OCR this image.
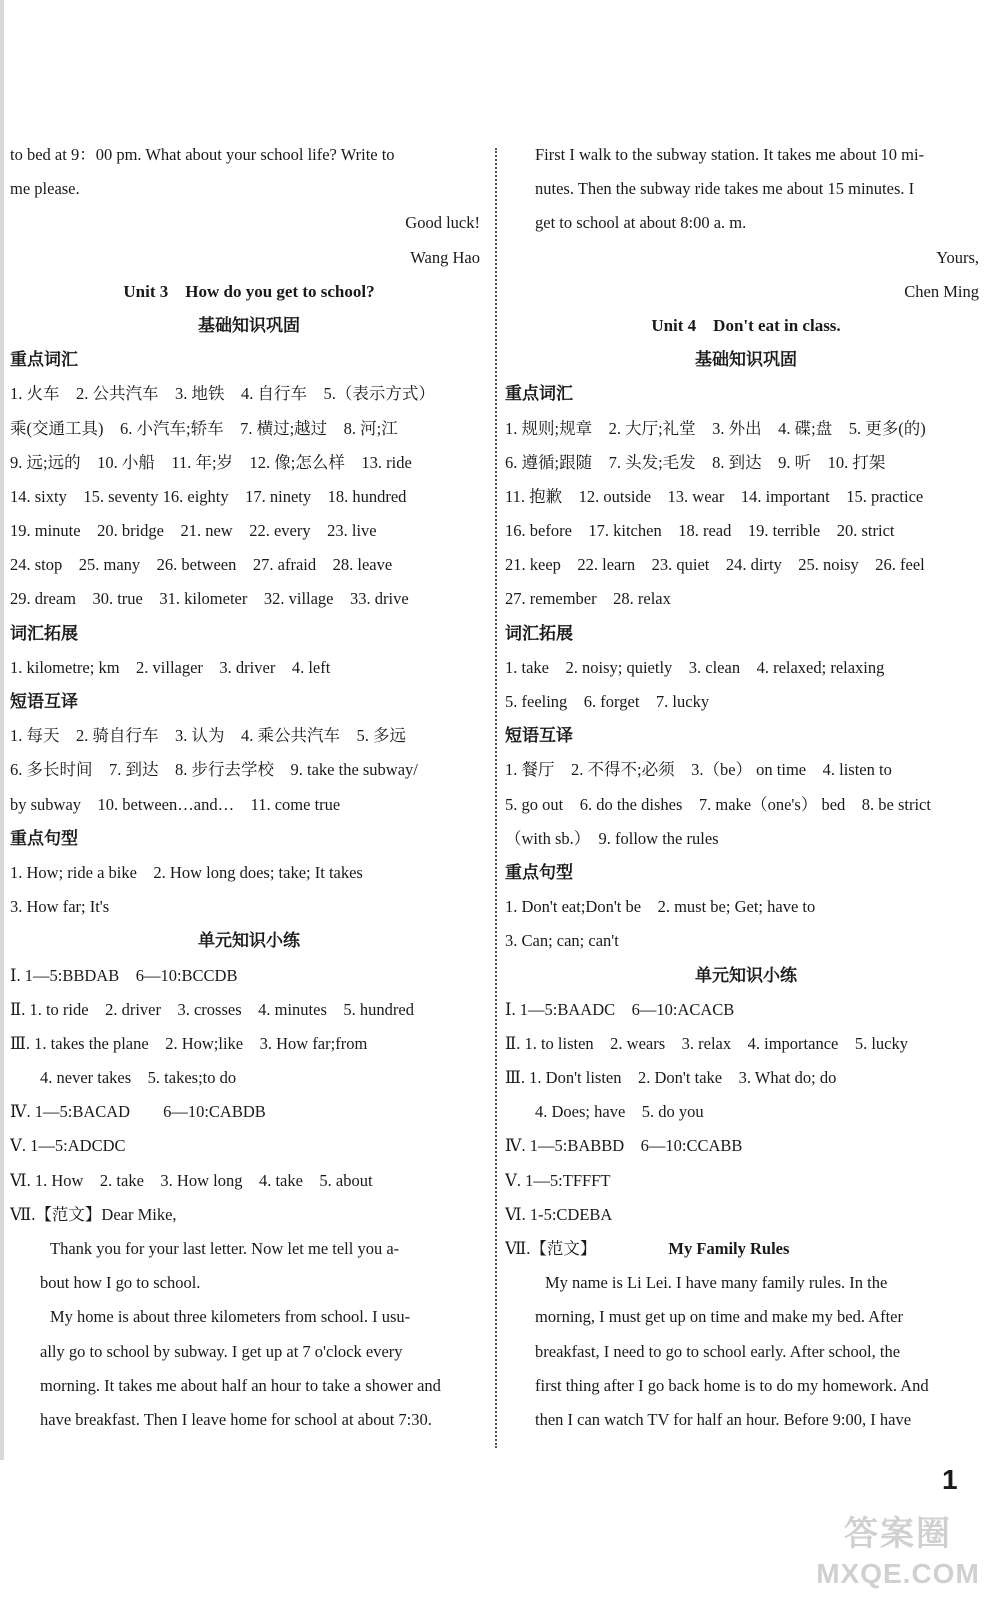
to bed at 9：00 pm. What about your school life? Write to
me please.
Good luck!
Wang Hao
Unit 3　How do you get to school?
基础知识巩固
重点词汇
1. 火车　2. 公共汽车　3. 地铁　4. 自行车　5.（表示方式）
乘(交通工具)　6. 小汽车;轿车　7. 横过;越过　8. 河;江
9. 远;远的　10. 小船　11. 年;岁　12. 像;怎么样　13. ride
14. sixty　15. seventy 16. eighty　17. ninety　18. hundred
19. minute　20. bridge　21. new　22. every　23. live
24. stop　25. many　26. between　27. afraid　28. leave
29. dream　30. true　31. kilometer　32. village　33. drive
词汇拓展
1. kilometre; km　2. villager　3. driver　4. left
短语互译
1. 每天　2. 骑自行车　3. 认为　4. 乘公共汽车　5. 多远
6. 多长时间　7. 到达　8. 步行去学校　9. take the subway/
by subway　10. between…and…　11. come true
重点句型
1. How; ride a bike　2. How long does; take; It takes
3. How far; It's
单元知识小练
Ⅰ. 1—5:BBDAB　6—10:BCCDB
Ⅱ. 1. to ride　2. driver　3. crosses　4. minutes　5. hundred
Ⅲ. 1. takes the plane　2. How;like　3. How far;from
4. never takes　5. takes;to do
Ⅳ. 1—5:BACAD　　6—10:CABDB
Ⅴ. 1—5:ADCDC
Ⅵ. 1. How　2. take　3. How long　4. take　5. about
Ⅶ.【范文】Dear Mike,
Thank you for your last letter. Now let me tell you a-
bout how I go to school.
My home is about three kilometers from school. I usu-
ally go to school by subway. I get up at 7 o'clock every
morning. It takes me about half an hour to take a shower and
have breakfast. Then I leave home for school at about 7:30.
First I walk to the subway station. It takes me about 10 mi-
nutes. Then the subway ride takes me about 15 minutes. I
get to school at about 8:00 a. m.
Yours,
Chen Ming
Unit 4　Don't eat in class.
基础知识巩固
重点词汇
1. 规则;规章　2. 大厅;礼堂　3. 外出　4. 碟;盘　5. 更多(的)
6. 遵循;跟随　7. 头发;毛发　8. 到达　9. 听　10. 打架
11. 抱歉　12. outside　13. wear　14. important　15. practice
16. before　17. kitchen　18. read　19. terrible　20. strict
21. keep　22. learn　23. quiet　24. dirty　25. noisy　26. feel
27. remember　28. relax
词汇拓展
1. take　2. noisy; quietly　3. clean　4. relaxed; relaxing
5. feeling　6. forget　7. lucky
短语互译
1. 餐厅　2. 不得不;必须　3.（be） on time　4. listen to
5. go out　6. do the dishes　7. make（one's） bed　8. be strict
（with sb.）　9. follow the rules
重点句型
1. Don't eat;Don't be　2. must be; Get; have to
3. Can; can; can't
单元知识小练
Ⅰ. 1—5:BAADC　6—10:ACACB
Ⅱ. 1. to listen　2. wears　3. relax　4. importance　5. lucky
Ⅲ. 1. Don't listen　2. Don't take　3. What do; do
4. Does; have　5. do you
Ⅳ. 1—5:BABBD　6—10:CCABB
Ⅴ. 1—5:TFFFT
Ⅵ. 1-5:CDEBA
Ⅶ.【范文】	My Family Rules
My name is Li Lei. I have many family rules. In the
morning, I must get up on time and make my bed. After
breakfast, I need to go to school early. After school, the
first thing after I go back home is to do my homework. And
then I can watch TV for half an hour. Before 9:00, I have
1
答案圈
MXQE.COM
